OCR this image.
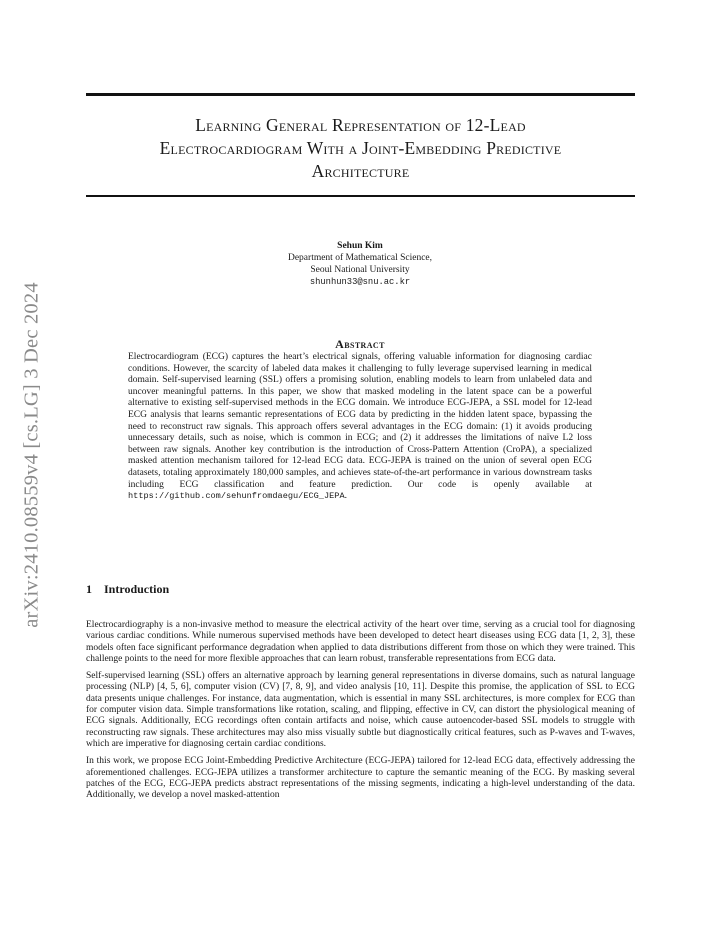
Learning General Representation of 12-Lead
Electrocardiogram With a Joint-Embedding Predictive
Architecture
arXiv:2410.08559v4 [cs.LG] 3 Dec 2024
Sehun Kim
Department of Mathematical Science,
Seoul National University
shunhun33@snu.ac.kr
Abstract
Electrocardiogram (ECG) captures the heart’s electrical signals, offering valuable information for diagnosing cardiac conditions. However, the scarcity of labeled data makes it challenging to fully leverage supervised learning in medical domain. Self-supervised learning (SSL) offers a promising solution, enabling models to learn from unlabeled data and uncover meaningful patterns. In this paper, we show that masked modeling in the latent space can be a powerful alternative to existing self-supervised methods in the ECG domain. We introduce ECG-JEPA, a SSL model for 12-lead ECG analysis that learns semantic representations of ECG data by predicting in the hidden latent space, bypassing the need to reconstruct raw signals. This approach offers several advantages in the ECG domain: (1) it avoids producing unnecessary details, such as noise, which is common in ECG; and (2) it addresses the limitations of naïve L2 loss between raw signals. Another key contribution is the introduction of Cross-Pattern Attention (CroPA), a specialized masked attention mechanism tailored for 12-lead ECG data. ECG-JEPA is trained on the union of several open ECG datasets, totaling approximately 180,000 samples, and achieves state-of-the-art performance in various downstream tasks including ECG classification and feature prediction. Our code is openly available at https://github.com/sehunfromdaegu/ECG_JEPA.
1 Introduction

Electrocardiography is a non-invasive method to measure the electrical activity of the heart over time, serving as a crucial tool for diagnosing various cardiac conditions. While numerous supervised methods have been developed to detect heart diseases using ECG data [1, 2, 3], these models often face significant performance degradation when applied to data distributions different from those on which they were trained. This challenge points to the need for more flexible approaches that can learn robust, transferable representations from ECG data.

Self-supervised learning (SSL) offers an alternative approach by learning general representations in diverse domains, such as natural language processing (NLP) [4, 5, 6], computer vision (CV) [7, 8, 9], and video analysis [10, 11]. Despite this promise, the application of SSL to ECG data presents unique challenges. For instance, data augmentation, which is essential in many SSL architectures, is more complex for ECG than for computer vision data. Simple transformations like rotation, scaling, and flipping, effective in CV, can distort the physiological meaning of ECG signals. Additionally, ECG recordings often contain artifacts and noise, which cause autoencoder-based SSL models to struggle with reconstructing raw signals. These architectures may also miss visually subtle but diagnostically critical features, such as P-waves and T-waves, which are imperative for diagnosing certain cardiac conditions.

In this work, we propose ECG Joint-Embedding Predictive Architecture (ECG-JEPA) tailored for 12-lead ECG data, effectively addressing the aforementioned challenges. ECG-JEPA utilizes a transformer architecture to capture the semantic meaning of the ECG. By masking several patches of the ECG, ECG-JEPA predicts abstract representations of the missing segments, indicating a high-level understanding of the data. Additionally, we develop a novel masked-attention
